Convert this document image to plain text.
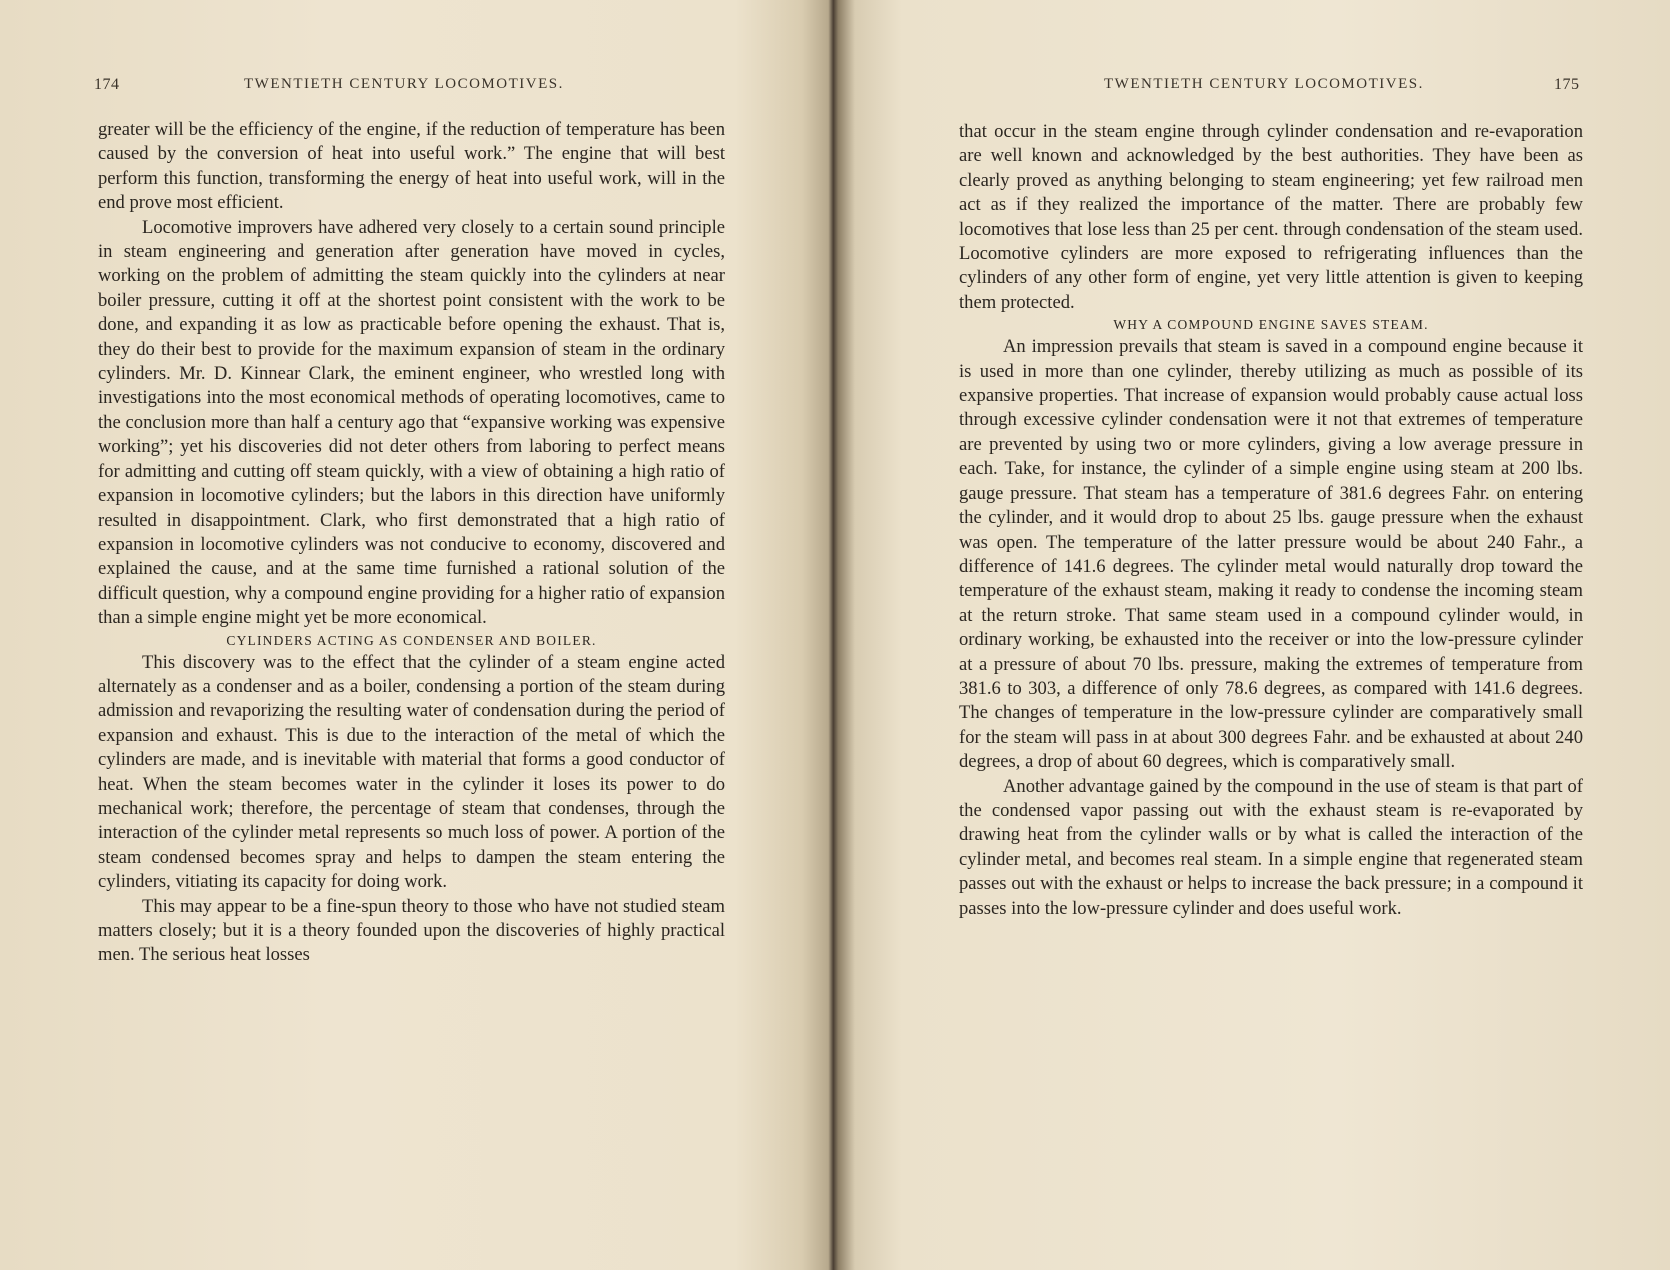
174	TWENTIETH CENTURY LOCOMOTIVES.

greater will be the efficiency of the engine, if the reduction of temperature has been caused by the conversion of heat into useful work.” The engine that will best perform this function, transforming the energy of heat into useful work, will in the end prove most efficient.

Locomotive improvers have adhered very closely to a certain sound principle in steam engineering and generation after generation have moved in cycles, working on the problem of admitting the steam quickly into the cylinders at near boiler pressure, cutting it off at the shortest point consistent with the work to be done, and expanding it as low as practicable before opening the exhaust. That is, they do their best to provide for the maximum expansion of steam in the ordinary cylinders. Mr. D. Kinnear Clark, the eminent engineer, who wrestled long with investigations into the most economical methods of operating locomotives, came to the conclusion more than half a century ago that “expansive working was expensive working”; yet his discoveries did not deter others from laboring to perfect means for admitting and cutting off steam quickly, with a view of obtaining a high ratio of expansion in locomotive cylinders; but the labors in this direction have uniformly resulted in disappointment. Clark, who first demonstrated that a high ratio of expansion in locomotive cylinders was not conducive to economy, discovered and explained the cause, and at the same time furnished a rational solution of the difficult question, why a compound engine providing for a higher ratio of expansion than a simple engine might yet be more economical.

CYLINDERS ACTING AS CONDENSER AND BOILER.

This discovery was to the effect that the cylinder of a steam engine acted alternately as a condenser and as a boiler, condensing a portion of the steam during admission and revaporizing the resulting water of condensation during the period of expansion and exhaust. This is due to the interaction of the metal of which the cylinders are made, and is inevitable with material that forms a good conductor of heat. When the steam becomes water in the cylinder it loses its power to do mechanical work; therefore, the percentage of steam that condenses, through the interaction of the cylinder metal represents so much loss of power. A portion of the steam condensed becomes spray and helps to dampen the steam entering the cylinders, vitiating its capacity for doing work.

This may appear to be a fine-spun theory to those who have not studied steam matters closely; but it is a theory founded upon the discoveries of highly practical men. The serious heat losses

TWENTIETH CENTURY LOCOMOTIVES.	175

that occur in the steam engine through cylinder condensation and re-evaporation are well known and acknowledged by the best authorities. They have been as clearly proved as anything belonging to steam engineering; yet few railroad men act as if they realized the importance of the matter. There are probably few locomotives that lose less than 25 per cent. through condensation of the steam used. Locomotive cylinders are more exposed to refrigerating influences than the cylinders of any other form of engine, yet very little attention is given to keeping them protected.

WHY A COMPOUND ENGINE SAVES STEAM.

An impression prevails that steam is saved in a compound engine because it is used in more than one cylinder, thereby utilizing as much as possible of its expansive properties. That increase of expansion would probably cause actual loss through excessive cylinder condensation were it not that extremes of temperature are prevented by using two or more cylinders, giving a low average pressure in each. Take, for instance, the cylinder of a simple engine using steam at 200 lbs. gauge pressure. That steam has a temperature of 381.6 degrees Fahr. on entering the cylinder, and it would drop to about 25 lbs. gauge pressure when the exhaust was open. The temperature of the latter pressure would be about 240 Fahr., a difference of 141.6 degrees. The cylinder metal would naturally drop toward the temperature of the exhaust steam, making it ready to condense the incoming steam at the return stroke. That same steam used in a compound cylinder would, in ordinary working, be exhausted into the receiver or into the low-pressure cylinder at a pressure of about 70 lbs. pressure, making the extremes of temperature from 381.6 to 303, a difference of only 78.6 degrees, as compared with 141.6 degrees. The changes of temperature in the low-pressure cylinder are comparatively small for the steam will pass in at about 300 degrees Fahr. and be exhausted at about 240 degrees, a drop of about 60 degrees, which is comparatively small.

Another advantage gained by the compound in the use of steam is that part of the condensed vapor passing out with the exhaust steam is re-evaporated by drawing heat from the cylinder walls or by what is called the interaction of the cylinder metal, and becomes real steam. In a simple engine that regenerated steam passes out with the exhaust or helps to increase the back pressure; in a compound it passes into the low-pressure cylinder and does useful work.
